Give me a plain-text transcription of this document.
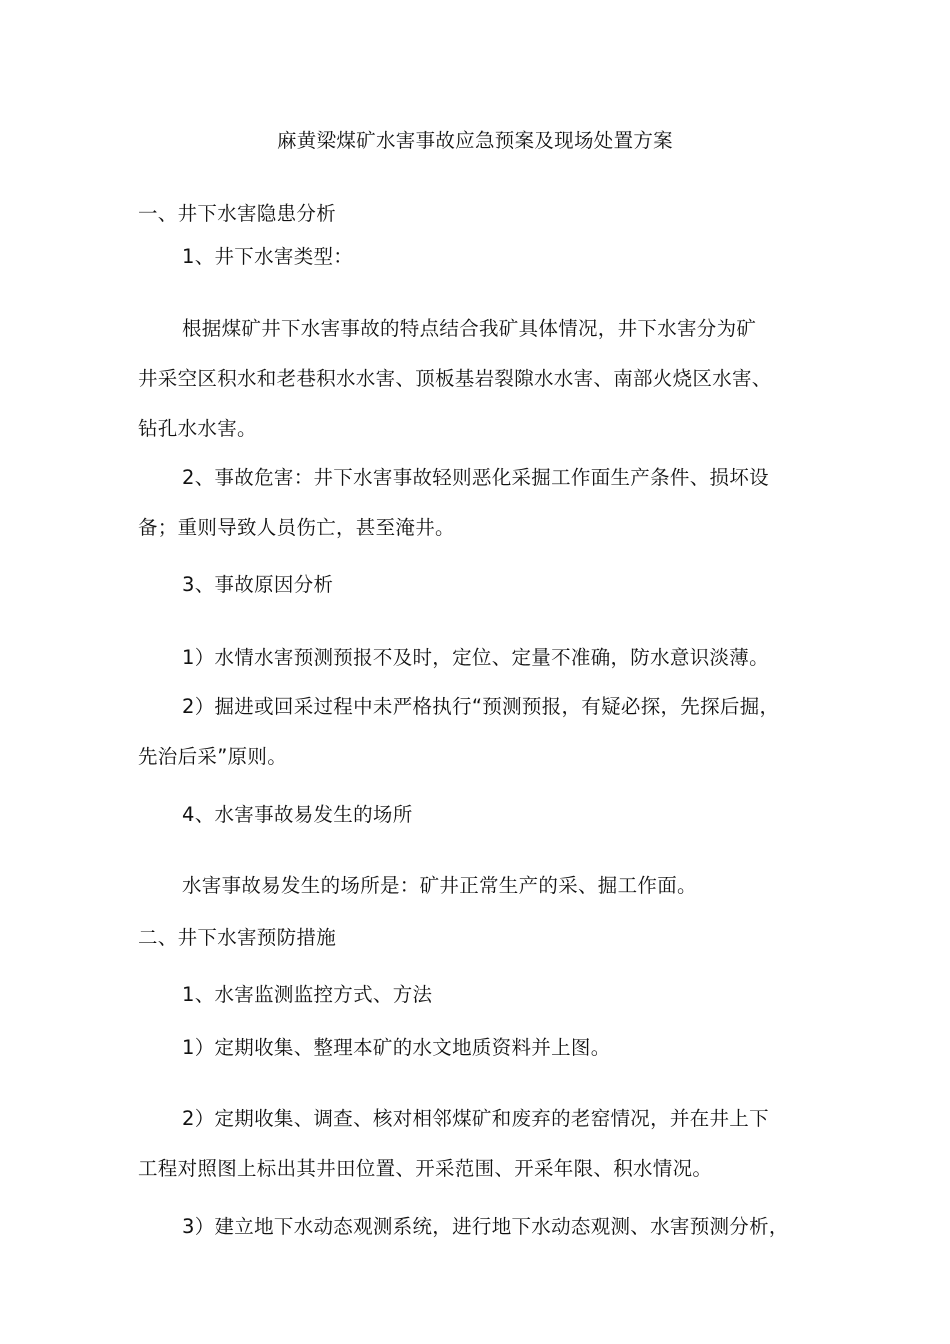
麻黄梁煤矿水害事故应急预案及现场处置方案
一、井下水害隐患分析
1、井下水害类型：
根据煤矿井下水害事故的特点结合我矿具体情况，井下水害分为矿
井采空区积水和老巷积水水害、顶板基岩裂隙水水害、南部火烧区水害、
钻孔水水害。
2、事故危害：井下水害事故轻则恶化采掘工作面生产条件、损坏设
备；重则导致人员伤亡，甚至淹井。
3、事故原因分析
1）水情水害预测预报不及时，定位、定量不准确，防水意识淡薄。
2）掘进或回采过程中未严格执行“预测预报，有疑必探，先探后掘，
先治后采”原则。
4、水害事故易发生的场所
水害事故易发生的场所是：矿井正常生产的采、掘工作面。
二、井下水害预防措施
1、水害监测监控方式、方法
1）定期收集、整理本矿的水文地质资料并上图。
2）定期收集、调查、核对相邻煤矿和废弃的老窑情况，并在井上下
工程对照图上标出其井田位置、开采范围、开采年限、积水情况。
3）建立地下水动态观测系统，进行地下水动态观测、水害预测分析，
